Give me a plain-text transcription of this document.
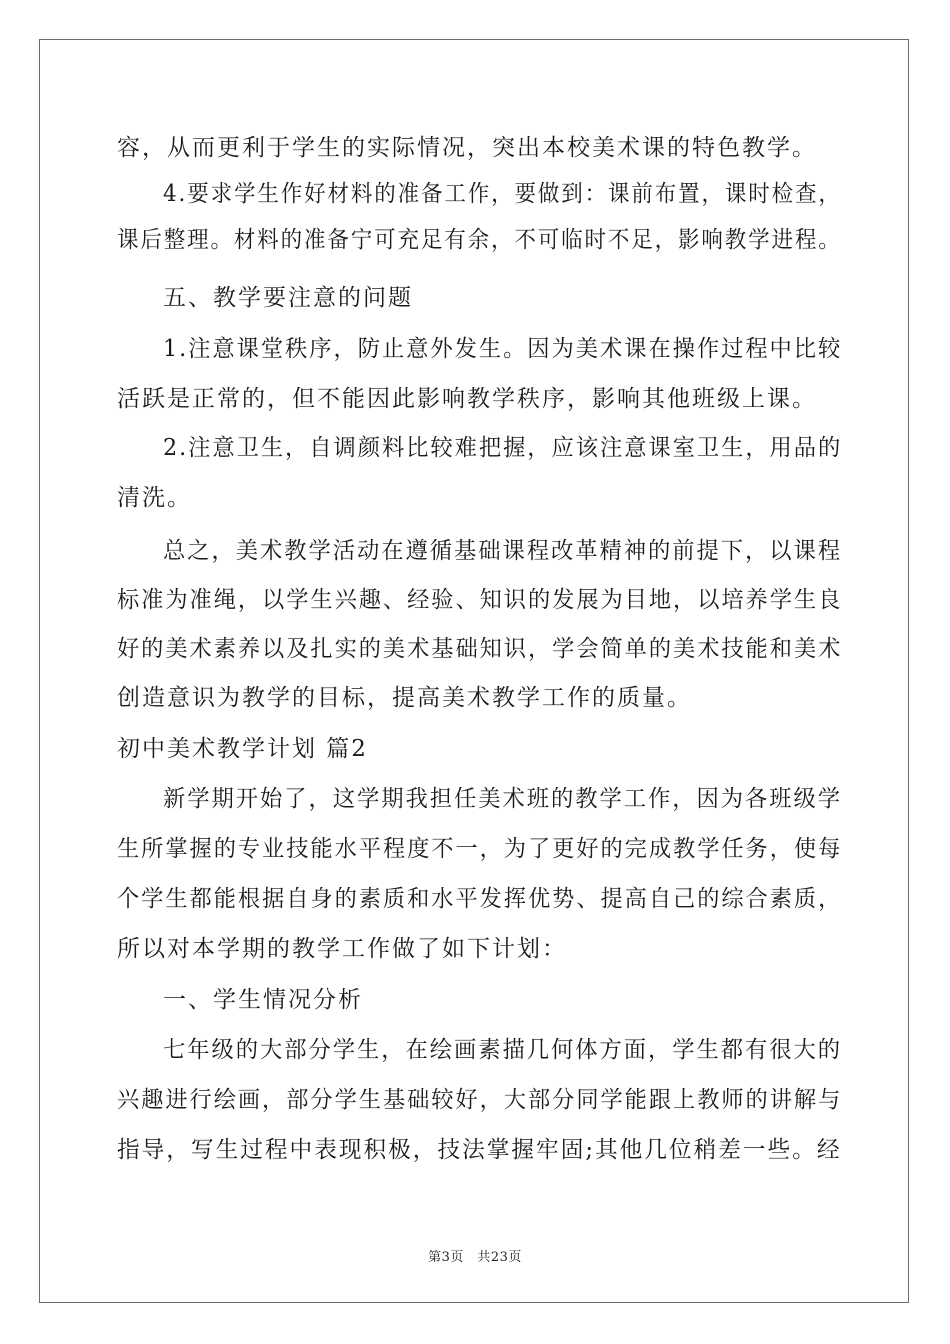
容，从而更利于学生的实际情况，突出本校美术课的特色教学。
4.要求学生作好材料的准备工作，要做到：课前布置，课时检查，
课后整理。材料的准备宁可充足有余，不可临时不足，影响教学进程。
五、教学要注意的问题
1.注意课堂秩序，防止意外发生。因为美术课在操作过程中比较
活跃是正常的，但不能因此影响教学秩序，影响其他班级上课。
2.注意卫生，自调颜料比较难把握，应该注意课室卫生，用品的
清洗。
总之，美术教学活动在遵循基础课程改革精神的前提下，以课程
标准为准绳，以学生兴趣、经验、知识的发展为目地，以培养学生良
好的美术素养以及扎实的美术基础知识，学会简单的美术技能和美术
创造意识为教学的目标，提高美术教学工作的质量。
初中美术教学计划 篇2
新学期开始了，这学期我担任美术班的教学工作，因为各班级学
生所掌握的专业技能水平程度不一，为了更好的完成教学任务，使每
个学生都能根据自身的素质和水平发挥优势、提高自己的综合素质，
所以对本学期的教学工作做了如下计划：
一、学生情况分析
七年级的大部分学生，在绘画素描几何体方面，学生都有很大的
兴趣进行绘画，部分学生基础较好，大部分同学能跟上教师的讲解与
指导，写生过程中表现积极，技法掌握牢固;其他几位稍差一些。经
第3页　共23页
